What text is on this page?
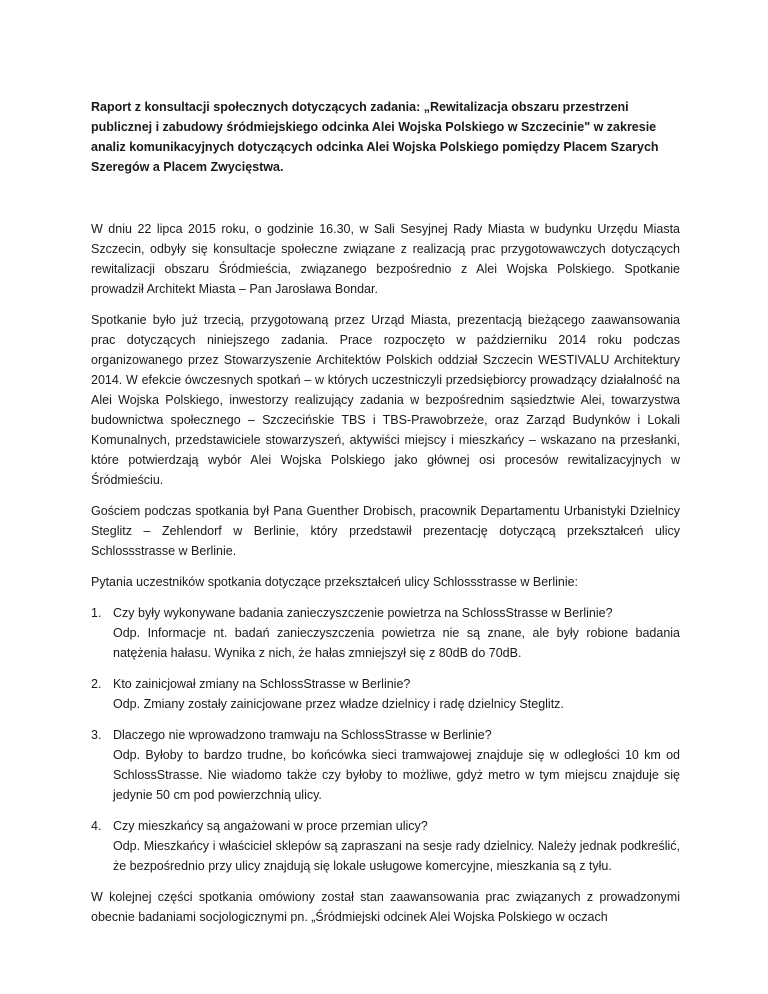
Raport z konsultacji społecznych dotyczących zadania: „Rewitalizacja obszaru przestrzeni publicznej i zabudowy śródmiejskiego odcinka Alei Wojska Polskiego w Szczecinie" w zakresie analiz komunikacyjnych dotyczących odcinka Alei Wojska Polskiego pomiędzy Placem Szarych Szeregów a Placem Zwycięstwa.

W dniu 22 lipca 2015 roku, o godzinie 16.30, w Sali Sesyjnej Rady Miasta w budynku Urzędu Miasta Szczecin, odbyły się konsultacje społeczne związane z realizacją prac przygotowawczych dotyczących rewitalizacji obszaru Śródmieścia, związanego bezpośrednio z Alei Wojska Polskiego. Spotkanie prowadził Architekt Miasta – Pan Jarosława Bondar.

Spotkanie było już trzecią, przygotowaną przez Urząd Miasta, prezentacją bieżącego zaawansowania prac dotyczących niniejszego zadania. Prace rozpoczęto w październiku 2014 roku podczas organizowanego przez Stowarzyszenie Architektów Polskich oddział Szczecin WESTIVALU Architektury 2014. W efekcie ówczesnych spotkań – w których uczestniczyli przedsiębiorcy prowadzący działalność na Alei Wojska Polskiego, inwestorzy realizujący zadania w bezpośrednim sąsiedztwie Alei, towarzystwa budownictwa społecznego – Szczecińskie TBS i TBS-Prawobrzeże, oraz Zarząd Budynków i Lokali Komunalnych, przedstawiciele stowarzyszeń, aktywiści miejscy i mieszkańcy – wskazano na przesłanki, które potwierdzają wybór Alei Wojska Polskiego jako głównej osi procesów rewitalizacyjnych w Śródmieściu.

Gościem podczas spotkania był Pana Guenther Drobisch, pracownik Departamentu Urbanistyki Dzielnicy Steglitz – Zehlendorf w Berlinie, który przedstawił prezentację dotyczącą przekształceń ulicy Schlossstrasse w Berlinie.

Pytania uczestników spotkania dotyczące przekształceń ulicy Schlossstrasse w Berlinie:

1. Czy były wykonywane badania zanieczyszczenie powietrza na SchlossStrasse w Berlinie?
Odp. Informacje nt. badań zanieczyszczenia powietrza nie są znane, ale były robione badania natężenia hałasu. Wynika z nich, że hałas zmniejszył się z 80dB do 70dB.
2. Kto zainicjował zmiany na SchlossStrasse w Berlinie?
Odp. Zmiany zostały zainicjowane przez władze dzielnicy i radę dzielnicy Steglitz.
3. Dlaczego nie wprowadzono tramwaju na SchlossStrasse w Berlinie?
Odp. Byłoby to bardzo trudne, bo końcówka sieci tramwajowej znajduje się w odległości 10 km od SchlossStrasse. Nie wiadomo także czy byłoby to możliwe, gdyż metro w tym miejscu znajduje się jedynie 50 cm pod powierzchnią ulicy.
4. Czy mieszkańcy są angażowani w proce przemian ulicy?
Odp. Mieszkańcy i właściciel sklepów są zapraszani na sesje rady dzielnicy. Należy jednak podkreślić, że bezpośrednio przy ulicy znajdują się lokale usługowe komercyjne, mieszkania są z tyłu.

W kolejnej części spotkania omówiony został stan zaawansowania prac związanych z prowadzonymi obecnie badaniami socjologicznymi pn. „Śródmiejski odcinek Alei Wojska Polskiego w oczach
